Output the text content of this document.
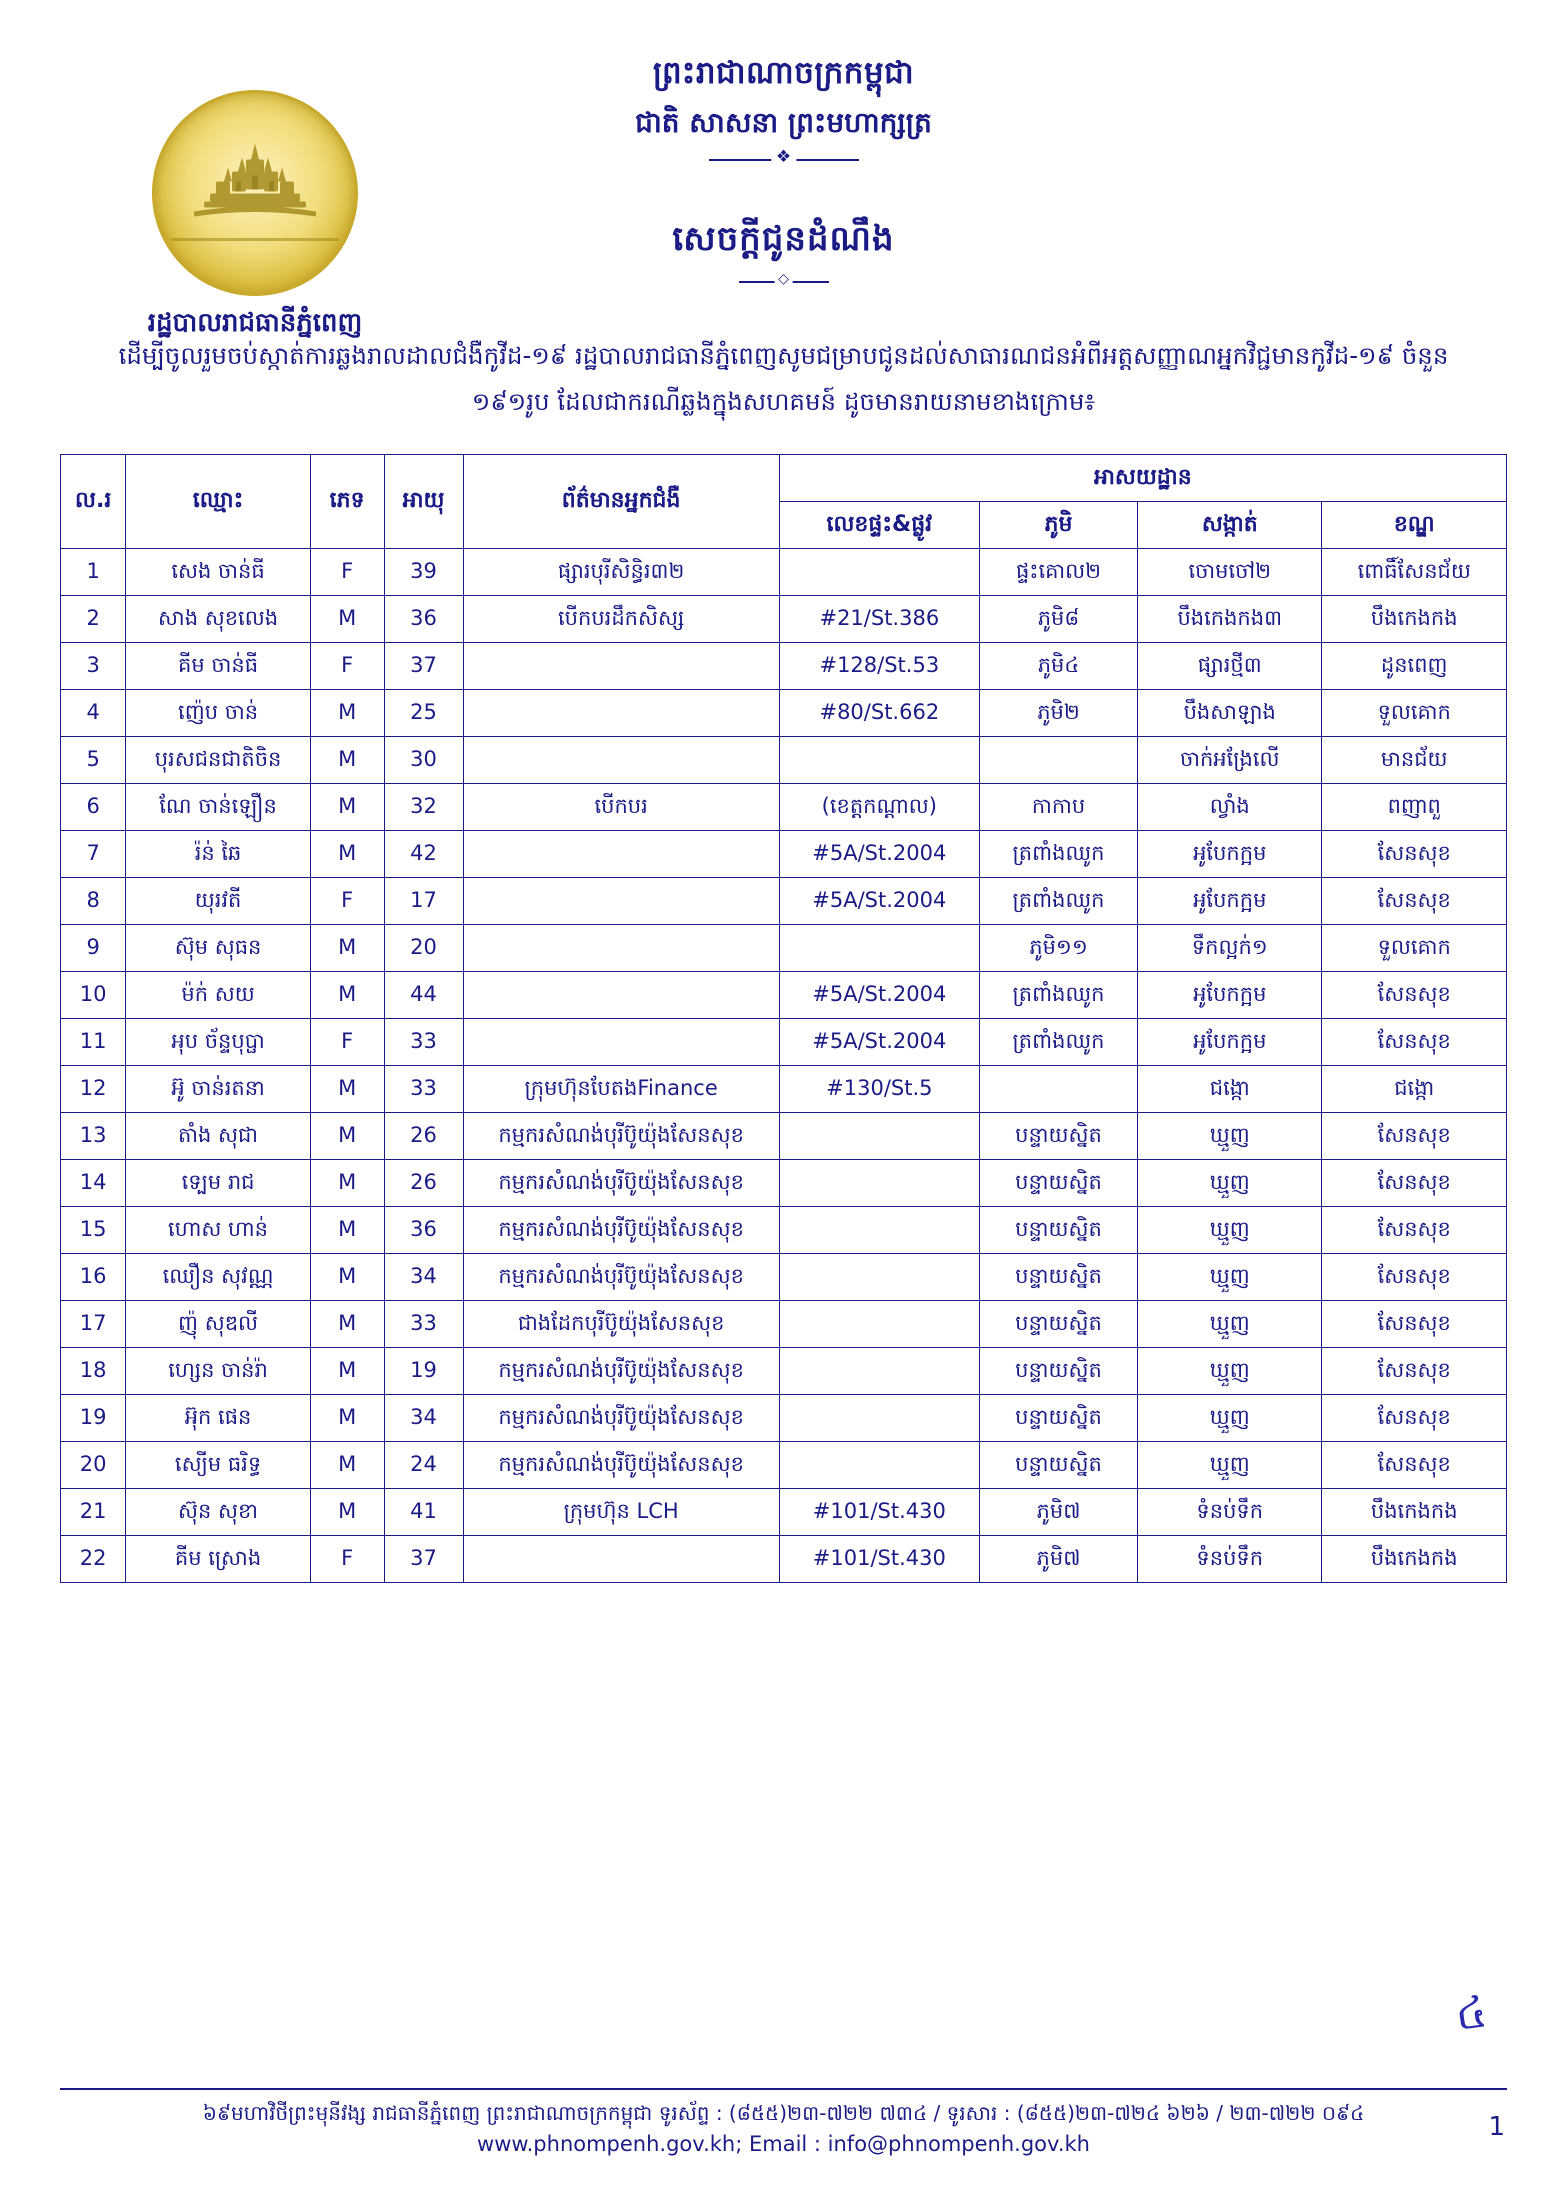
ព្រះរាជាណាចក្រកម្ពុជា
ជាតិ សាសនា ព្រះមហាក្សត្រ
❖
រដ្ឋបាលរាជធានីភ្នំពេញ
សេចក្តីជូនដំណឹង
◇
ដើម្បីចូលរួមចប់ស្កាត់ការឆ្លងរាលដាលជំងឺកូវីដ-១៩ រដ្ឋបាលរាជធានីភ្នំពេញសូមជម្រាបជូនដល់សាធារណជនអំពីអត្តសញ្ញាណអ្នកវិជ្ជមានកូវីដ-១៩ ចំនួន ១៩១រូប ដែលជាករណីឆ្លងក្នុងសហគមន៍ ដូចមានរាយនាមខាងក្រោម៖
ល.រ	ឈ្មោះ	ភេទ	អាយុ	ព័ត៌មានអ្នកជំងឺ	អាសយដ្ឋាន			
					លេខផ្ទះ&ផ្លូវ	ភូមិ	សង្កាត់	ខណ្ឌ
1	សេង ចាន់ធី	F	39	ផ្សារបុរីសិន្ធិរ៣២		ផ្ទះគោល២	ចោមចៅ២	ពោធិ៍សែនជ័យ
2	សាង សុខលេង	M	36	បើកបរដឹកសិស្ស	#21/St.386	ភូមិ៨	បឹងកេងកង៣	បឹងកេងកង
3	គីម ចាន់ធី	F	37		#128/St.53	ភូមិ៤	ផ្សារថ្មី៣	ដូនពេញ
4	ញ៉េប ចាន់	M	25		#80/St.662	ភូមិ២	បឹងសាឡាង	ទួលគោក
5	បុរសជនជាតិចិន	M	30				ចាក់អង្រែលើ	មានជ័យ
6	ណែ ចាន់ឡឿន	M	32	បើកបរ	(ខេត្តកណ្ដាល)	កាកាប	ល្វាំង	ពញាពួ
7	រ៉ន់ ឆៃ	M	42		#5A/St.2004	ត្រពាំងឈូក	អូបែកក្អម	សែនសុខ
8	យុរវតី	F	17		#5A/St.2004	ត្រពាំងឈូក	អូបែកក្អម	សែនសុខ
9	ស៊ុម សុធន	M	20			ភូមិ១១	ទឹកល្អក់១	ទួលគោក
10	ម៉ក់ សយ	M	44		#5A/St.2004	ត្រពាំងឈូក	អូបែកក្អម	សែនសុខ
11	អុប ច័ន្ទបុប្ផា	F	33		#5A/St.2004	ត្រពាំងឈូក	អូបែកក្អម	សែនសុខ
12	អ៊ូ ចាន់រតនា	M	33	ក្រុមហ៊ុនបែតងFinance	#130/St.5		ជង្កោ	ជង្កោ
13	តាំង សុជា	M	26	កម្មករសំណង់បុរីប៊ូយ៉ុងសែនសុខ		បន្ទាយស្និត	ឃ្មួញ	សែនសុខ
14	ទ្បេម រាជ	M	26	កម្មករសំណង់បុរីប៊ូយ៉ុងសែនសុខ		បន្ទាយស្និត	ឃ្មួញ	សែនសុខ
15	ហោស ហាន់	M	36	កម្មករសំណង់បុរីប៊ូយ៉ុងសែនសុខ		បន្ទាយស្និត	ឃ្មួញ	សែនសុខ
16	ឈឿន សុវណ្ណ	M	34	កម្មករសំណង់បុរីប៊ូយ៉ុងសែនសុខ		បន្ទាយស្និត	ឃ្មួញ	សែនសុខ
17	ញ៉ុ សុឌលី	M	33	ជាងដែកបុរីប៊ូយ៉ុងសែនសុខ		បន្ទាយស្និត	ឃ្មួញ	សែនសុខ
18	ហេ្សន ចាន់រ៉ា	M	19	កម្មករសំណង់បុរីប៊ូយ៉ុងសែនសុខ		បន្ទាយស្និត	ឃ្មួញ	សែនសុខ
19	អ៊ុក ផេន	M	34	កម្មករសំណង់បុរីប៊ូយ៉ុងសែនសុខ		បន្ទាយស្និត	ឃ្មួញ	សែនសុខ
20	ស្យើម ធរិទ្ធ	M	24	កម្មករសំណង់បុរីប៊ូយ៉ុងសែនសុខ		បន្ទាយស្និត	ឃ្មួញ	សែនសុខ
21	ស៊ុន សុខា	M	41	ក្រុមហ៊ុន LCH	#101/St.430	ភូមិ៧	ទំនប់ទឹក	បឹងកេងកង
22	គីម ស្រោង	F	37		#101/St.430	ភូមិ៧	ទំនប់ទឹក	បឹងកេងកង
៤
៦៩មហាវិថីព្រះមុនីវង្ស រាជធានីភ្នំពេញ ព្រះរាជាណាចក្រកម្ពុជា ទូរស័ព្ទ : (៨៥៥)២៣-៧២២ ៧៣៤ / ទូរសារ : (៨៥៥)២៣-៧២៤ ៦២៦ / ២៣-៧២២ ០៩៤
www.phnompenh.gov.kh; Email : info@phnompenh.gov.kh
1
